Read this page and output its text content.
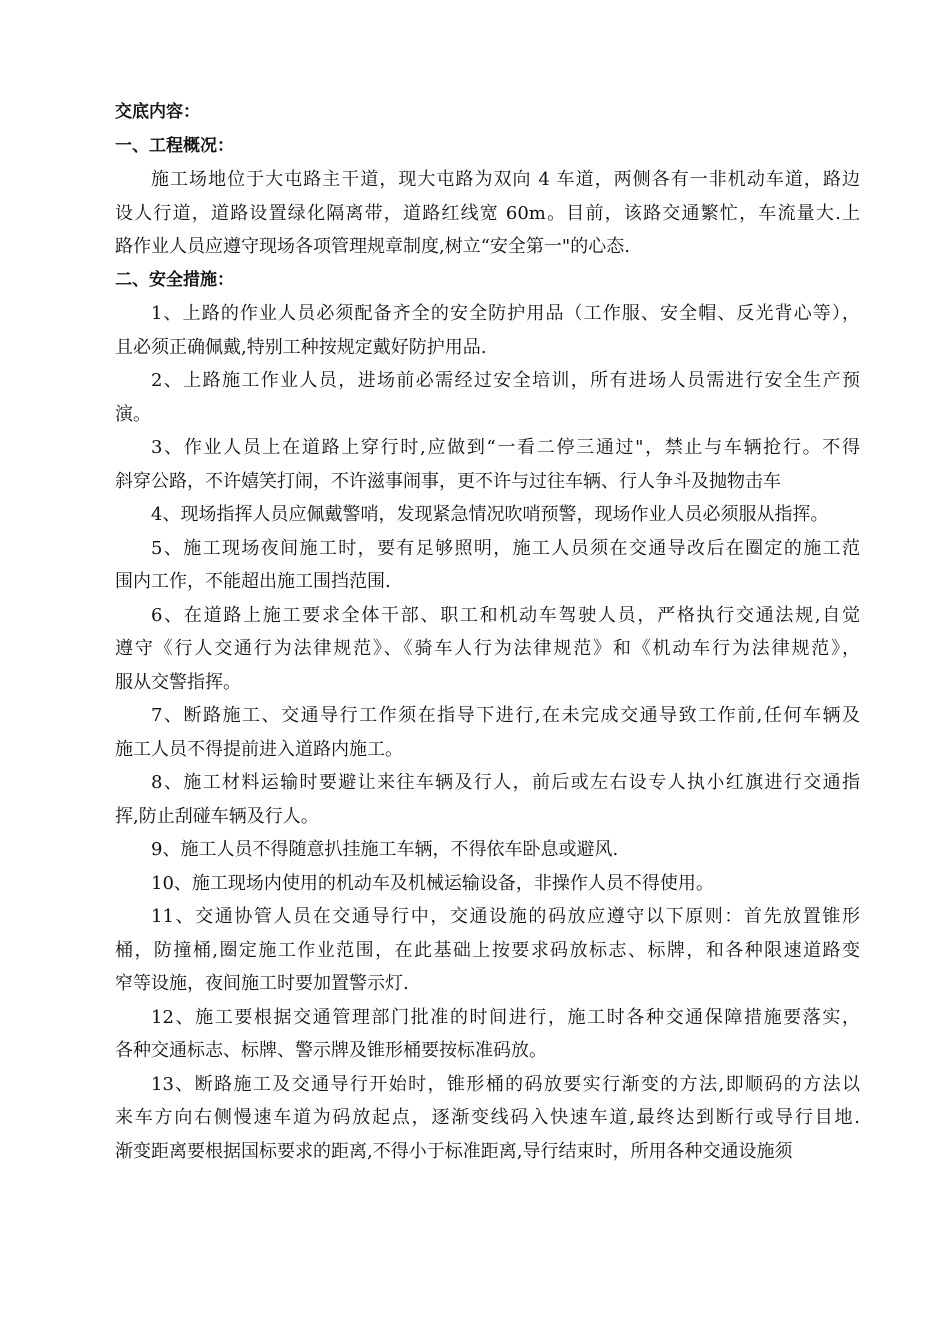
交底内容：
一、工程概况：
施工场地位于大屯路主干道，现大屯路为双向 4 车道，两侧各有一非机动车道，路边
设人行道，道路设置绿化隔离带，道路红线宽 60m。目前，该路交通繁忙，车流量大.上
路作业人员应遵守现场各项管理规章制度,树立“安全第一"的心态.
二、安全措施：
1、上路的作业人员必须配备齐全的安全防护用品（工作服、安全帽、反光背心等），
且必须正确佩戴,特别工种按规定戴好防护用品.
2、上路施工作业人员，进场前必需经过安全培训，所有进场人员需进行安全生产预
演。
3、作业人员上在道路上穿行时,应做到“一看二停三通过"，禁止与车辆抢行。不得
斜穿公路，不许嬉笑打闹，不许滋事闹事，更不许与过往车辆、行人争斗及抛物击车
4、现场指挥人员应佩戴警哨，发现紧急情况吹哨预警，现场作业人员必须服从指挥。
5、施工现场夜间施工时，要有足够照明，施工人员须在交通导改后在圈定的施工范
围内工作，不能超出施工围挡范围.
6、在道路上施工要求全体干部、职工和机动车驾驶人员，严格执行交通法规,自觉
遵守《行人交通行为法律规范》、《骑车人行为法律规范》和《机动车行为法律规范》，
服从交警指挥。
7、断路施工、交通导行工作须在指导下进行,在未完成交通导致工作前,任何车辆及
施工人员不得提前进入道路内施工。
8、施工材料运输时要避让来往车辆及行人，前后或左右设专人执小红旗进行交通指
挥,防止刮碰车辆及行人。
9、施工人员不得随意扒挂施工车辆，不得依车卧息或避风.
10、施工现场内使用的机动车及机械运输设备，非操作人员不得使用。
11、交通协管人员在交通导行中，交通设施的码放应遵守以下原则：首先放置锥形
桶，防撞桶,圈定施工作业范围，在此基础上按要求码放标志、标牌，和各种限速道路变
窄等设施，夜间施工时要加置警示灯.
12、施工要根据交通管理部门批准的时间进行，施工时各种交通保障措施要落实，
各种交通标志、标牌、警示牌及锥形桶要按标准码放。
13、断路施工及交通导行开始时，锥形桶的码放要实行渐变的方法,即顺码的方法以
来车方向右侧慢速车道为码放起点，逐渐变线码入快速车道,最终达到断行或导行目地.
渐变距离要根据国标要求的距离,不得小于标准距离,导行结束时，所用各种交通设施须
